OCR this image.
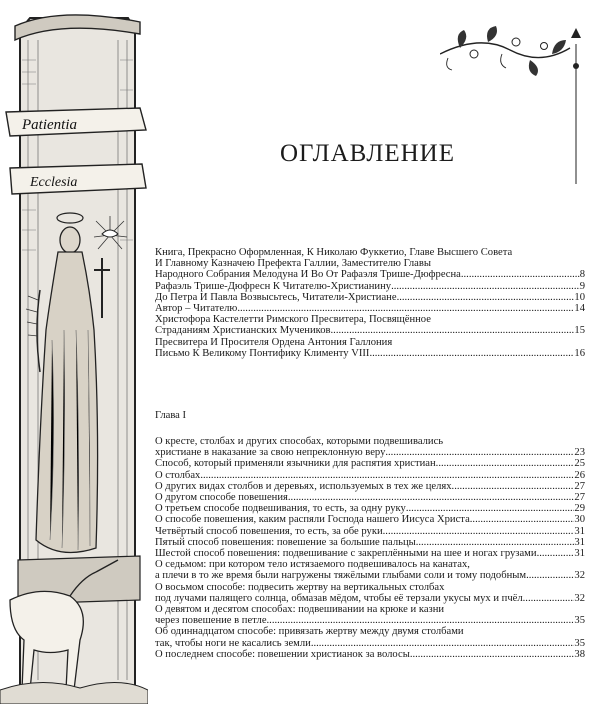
Patientia
Ecclesia
ОГЛАВЛЕНИЕ
Книга, Прекрасно Оформленная, К Николаю Фуккетио, Главе Высшего Совета
И Главному Казначею Префекта Галлии, Заместителю Главы
Народного Собрания Мелодуна И Во От Рафаэля Трише-Дюфресна .....	8
Рафаэль Трише-Дюфресн К Читателю-Христианину .....	9
До Петра И Павла Возвысьтесь, Читатели-Христиане .....	10
Автор – Читателю .....	14
Христофора Кастелетти Римского Пресвитера, Посвящённое
Страданиям Христианских Мучеников .....	15
Пресвитера И Просителя Ордена Антония Галлония
Письмо К Великому Понтифику Клименту VIII .....	16
Глава I
О кресте, столбах и других способах, которыми подвешивались
христиане в наказание за свою непреклонную веру .....	23
Способ, который применяли язычники для распятия христиан .....	25
О столбах .....	26
О других видах столбов и деревьях, используемых в тех же целях .....	27
О другом способе повешения .....	27
О третьем способе подвешивания, то есть, за одну руку .....	29
О способе повешения, каким распяли Господа нашего Иисуса Христа .....	30
Четвёртый способ повешения, то есть, за обе руки .....	31
Пятый способ повешения: повешение за большие пальцы .....	31
Шестой способ повешения: подвешивание с закреплёнными на шее и ногах грузами .....	31
О седьмом: при котором тело истязаемого подвешивалось на канатах,
а плечи в то же время были нагружены тяжёлыми глыбами соли и тому подобным .....	32
О восьмом способе: подвесить жертву на вертикальных столбах
под лучами палящего солнца, обмазав мёдом, чтобы её терзали укусы мух и пчёл .....	32
О девятом и десятом способах: подвешивании на крюке и казни
через повешение в петле .....	35
Об одиннадцатом способе: привязать жертву между двумя столбами
так, чтобы ноги не касались земли .....	35
О последнем способе: повешении христианок за волосы .....	38
